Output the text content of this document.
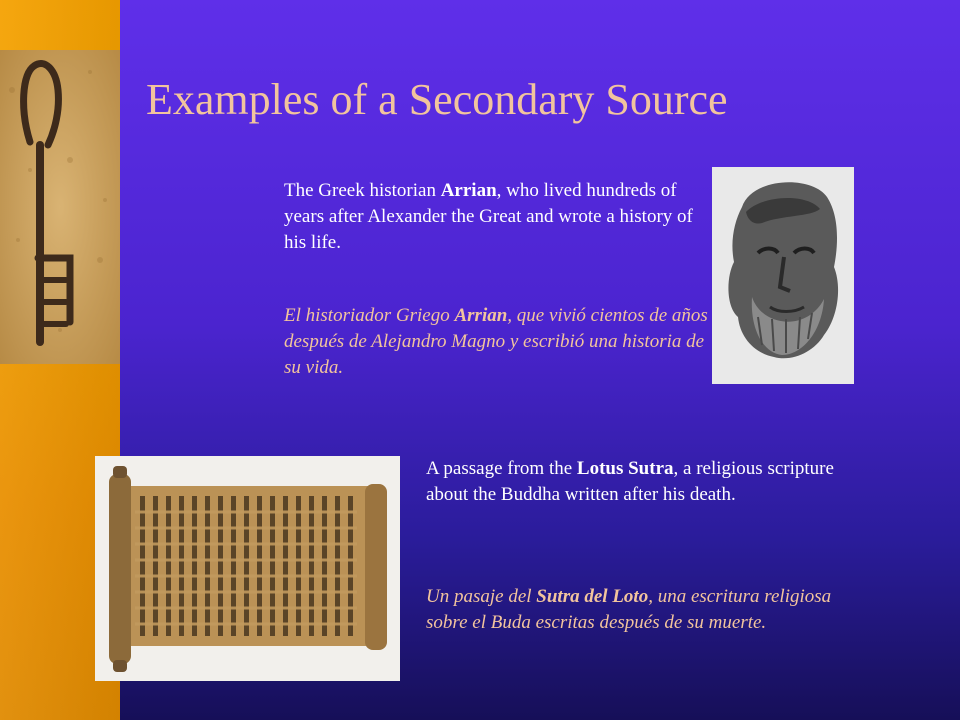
Examples of a Secondary Source
The Greek historian Arrian, who lived hundreds of years after Alexander the Great and wrote a history of his life.
El historiador Griego Arrian, que vivió cientos de años después de Alejandro Magno y escribió una historia de su vida.
A passage from the Lotus Sutra, a religious scripture about the Buddha written after his death.
Un pasaje del Sutra del Loto, una escritura religiosa sobre el Buda escritas después de su muerte.
